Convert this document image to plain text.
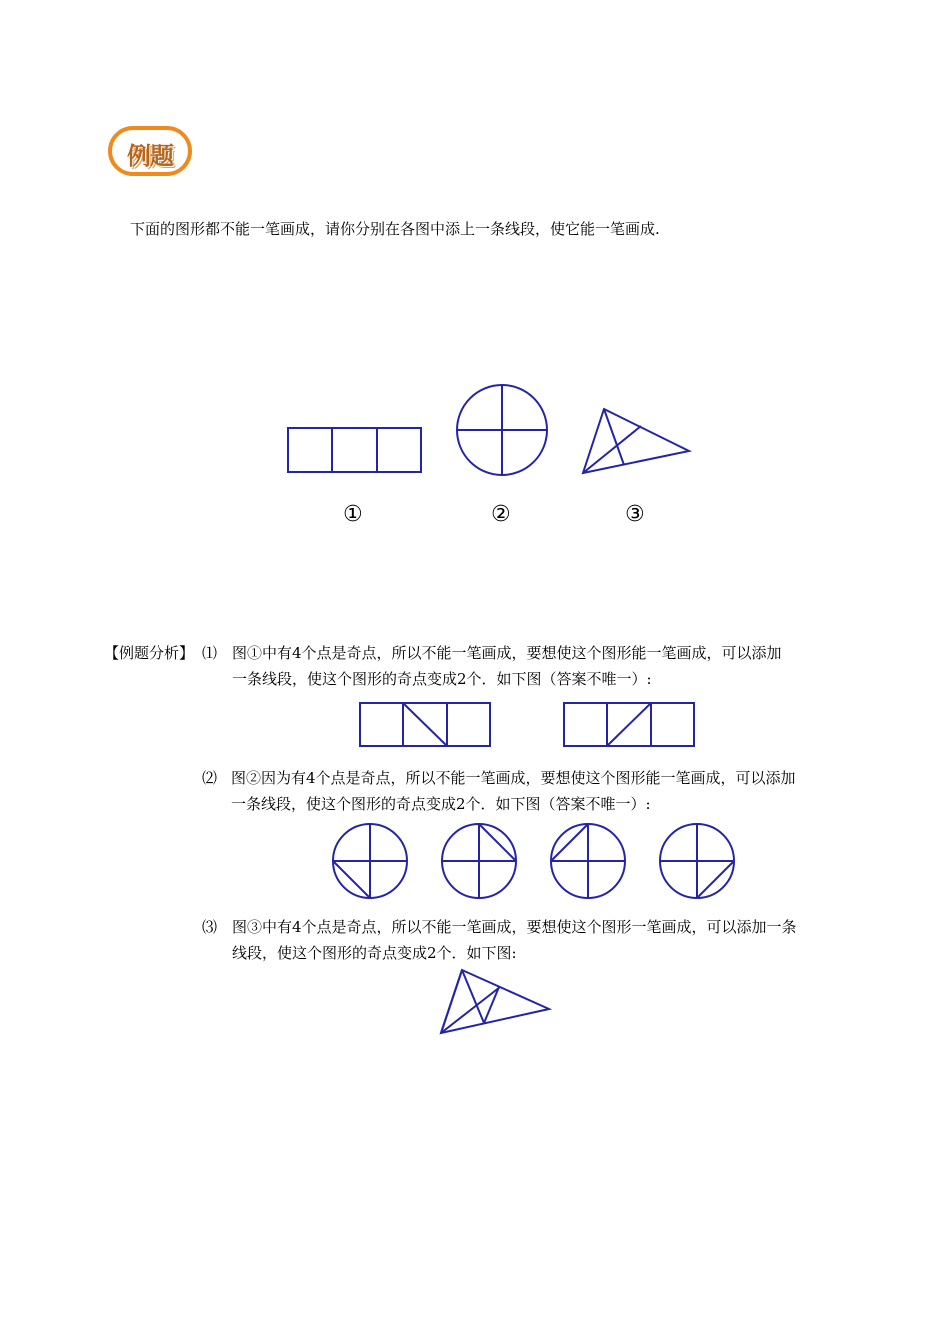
例题
下面的图形都不能一笔画成，请你分别在各图中添上一条线段，使它能一笔画成.
①	②	③
【例题分析】 ⑴ 图①中有4个点是奇点，所以不能一笔画成，要想使这个图形能一笔画成，可以添加
一条线段，使这个图形的奇点变成2个．如下图（答案不唯一）:
⑵ 图②因为有4个点是奇点，所以不能一笔画成，要想使这个图形能一笔画成，可以添加
一条线段，使这个图形的奇点变成2个．如下图（答案不唯一）:
⑶ 图③中有4个点是奇点，所以不能一笔画成，要想使这个图形一笔画成，可以添加一条
线段，使这个图形的奇点变成2个．如下图:
